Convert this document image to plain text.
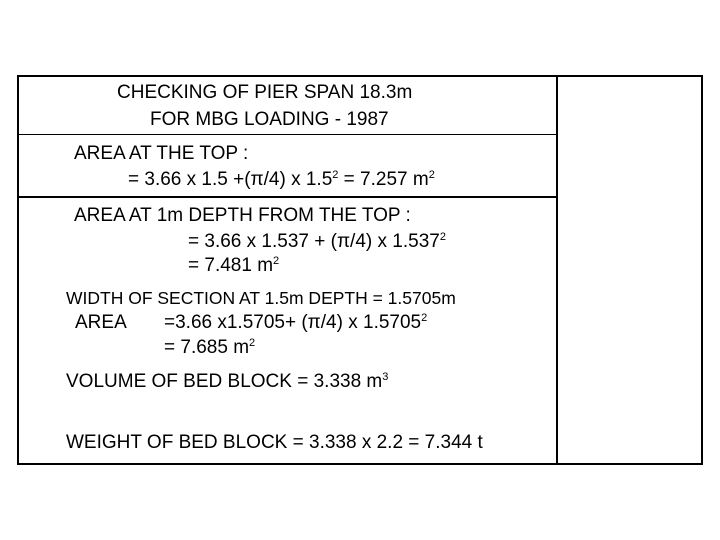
CHECKING OF PIER SPAN 18.3m
FOR MBG LOADING - 1987
AREA AT THE TOP :
= 3.66 x 1.5 +(π/4) x $1.5^2 = 7.257$ $m^2$
AREA AT 1m DEPTH FROM THE TOP :
= 3.66 x 1.537 + (π/4) x $1.537^2$
= 7.481 $m^2$
WIDTH OF SECTION AT 1.5m DEPTH = 1.5705m
AREA =3.66 x1.5705+ (π/4) x $1.5705^2$
= 7.685 $m^2$
VOLUME OF BED BLOCK = 3.338 $m^3$
WEIGHT OF BED BLOCK = 3.338 x 2.2 = 7.344 t
